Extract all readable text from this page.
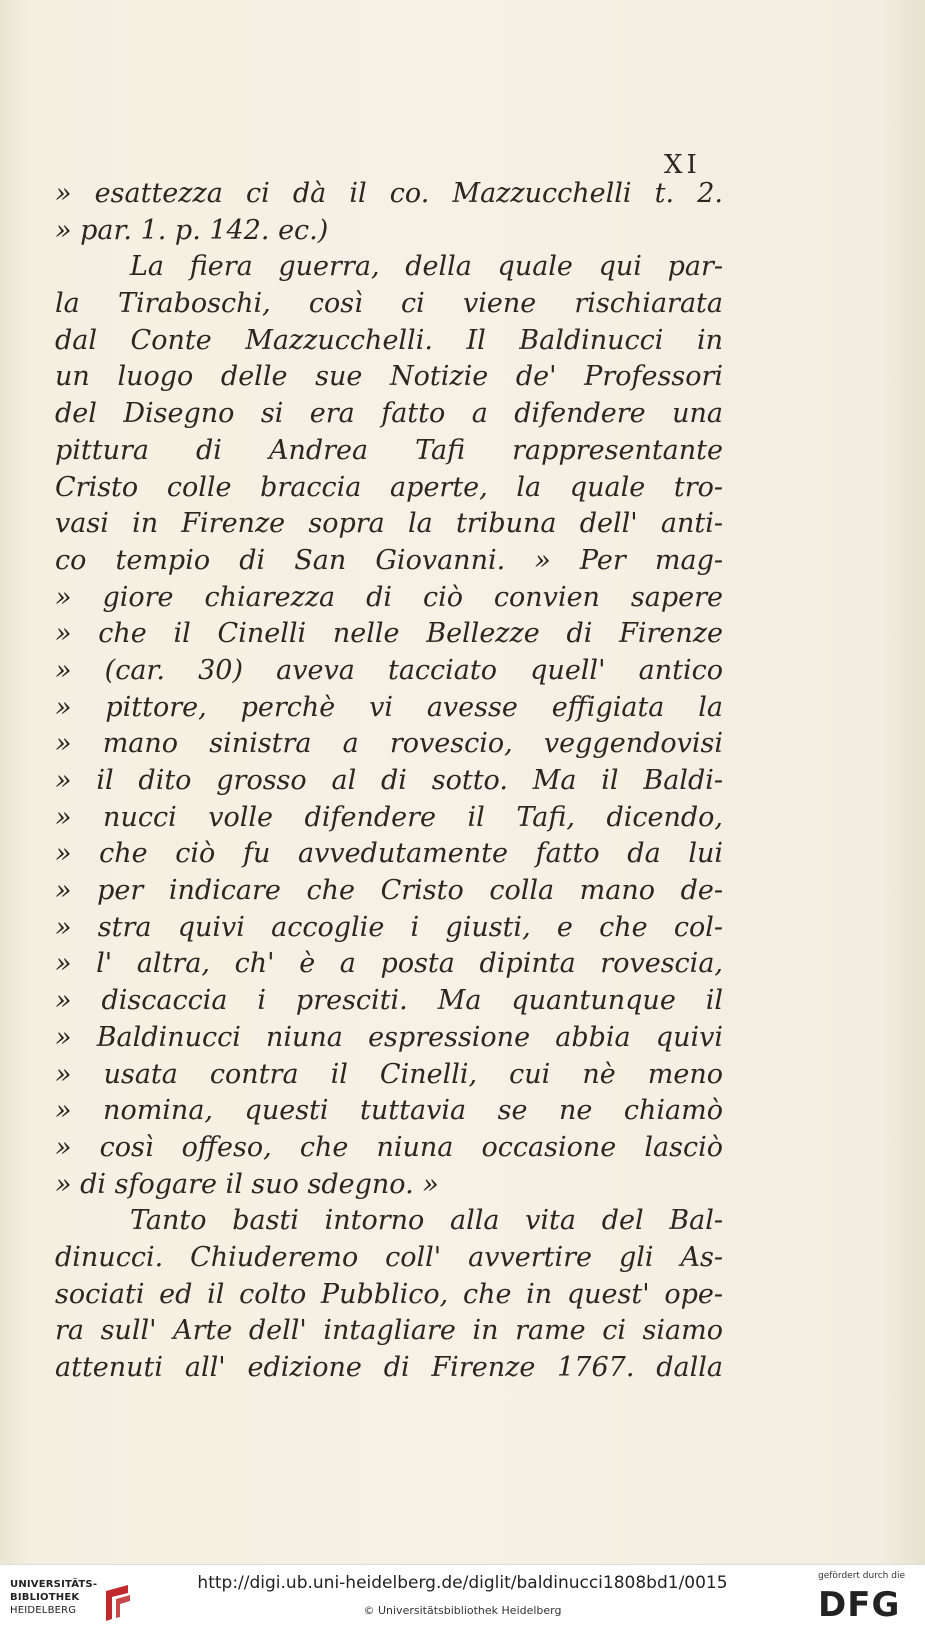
XI
» esattezza ci dà il co. Mazzucchelli t. 2.
» par. 1. p. 142. ec.)
La fiera guerra, della quale qui par-
la Tiraboschi, così ci viene rischiarata
dal Conte Mazzucchelli. Il Baldinucci in
un luogo delle sue Notizie de' Professori
del Disegno si era fatto a difendere una
pittura di Andrea Tafi rappresentante
Cristo colle braccia aperte, la quale tro-
vasi in Firenze sopra la tribuna dell' anti-
co tempio di San Giovanni. » Per mag-
» giore chiarezza di ciò convien sapere
» che il Cinelli nelle Bellezze di Firenze
» (car. 30) aveva tacciato quell' antico
» pittore, perchè vi avesse effigiata la
» mano sinistra a rovescio, veggendovisi
» il dito grosso al di sotto. Ma il Baldi-
» nucci volle difendere il Tafi, dicendo,
» che ciò fu avvedutamente fatto da lui
» per indicare che Cristo colla mano de-
» stra quivi accoglie i giusti, e che col-
» l' altra, ch' è a posta dipinta rovescia,
» discaccia i presciti. Ma quantunque il
» Baldinucci niuna espressione abbia quivi
» usata contra il Cinelli, cui nè meno
» nomina, questi tuttavia se ne chiamò
» così offeso, che niuna occasione lasciò
» di sfogare il suo sdegno. »
Tanto basti intorno alla vita del Bal-
dinucci. Chiuderemo coll' avvertire gli As-
sociati ed il colto Pubblico, che in quest' ope-
ra sull' Arte dell' intagliare in rame ci siamo
attenuti all' edizione di Firenze 1767. dalla
UNIVERSITÄTS-
BIBLIOTHEK
HEIDELBERG
http://digi.ub.uni-heidelberg.de/diglit/baldinucci1808bd1/0015
© Universitätsbibliothek Heidelberg
gefördert durch die
DFG
